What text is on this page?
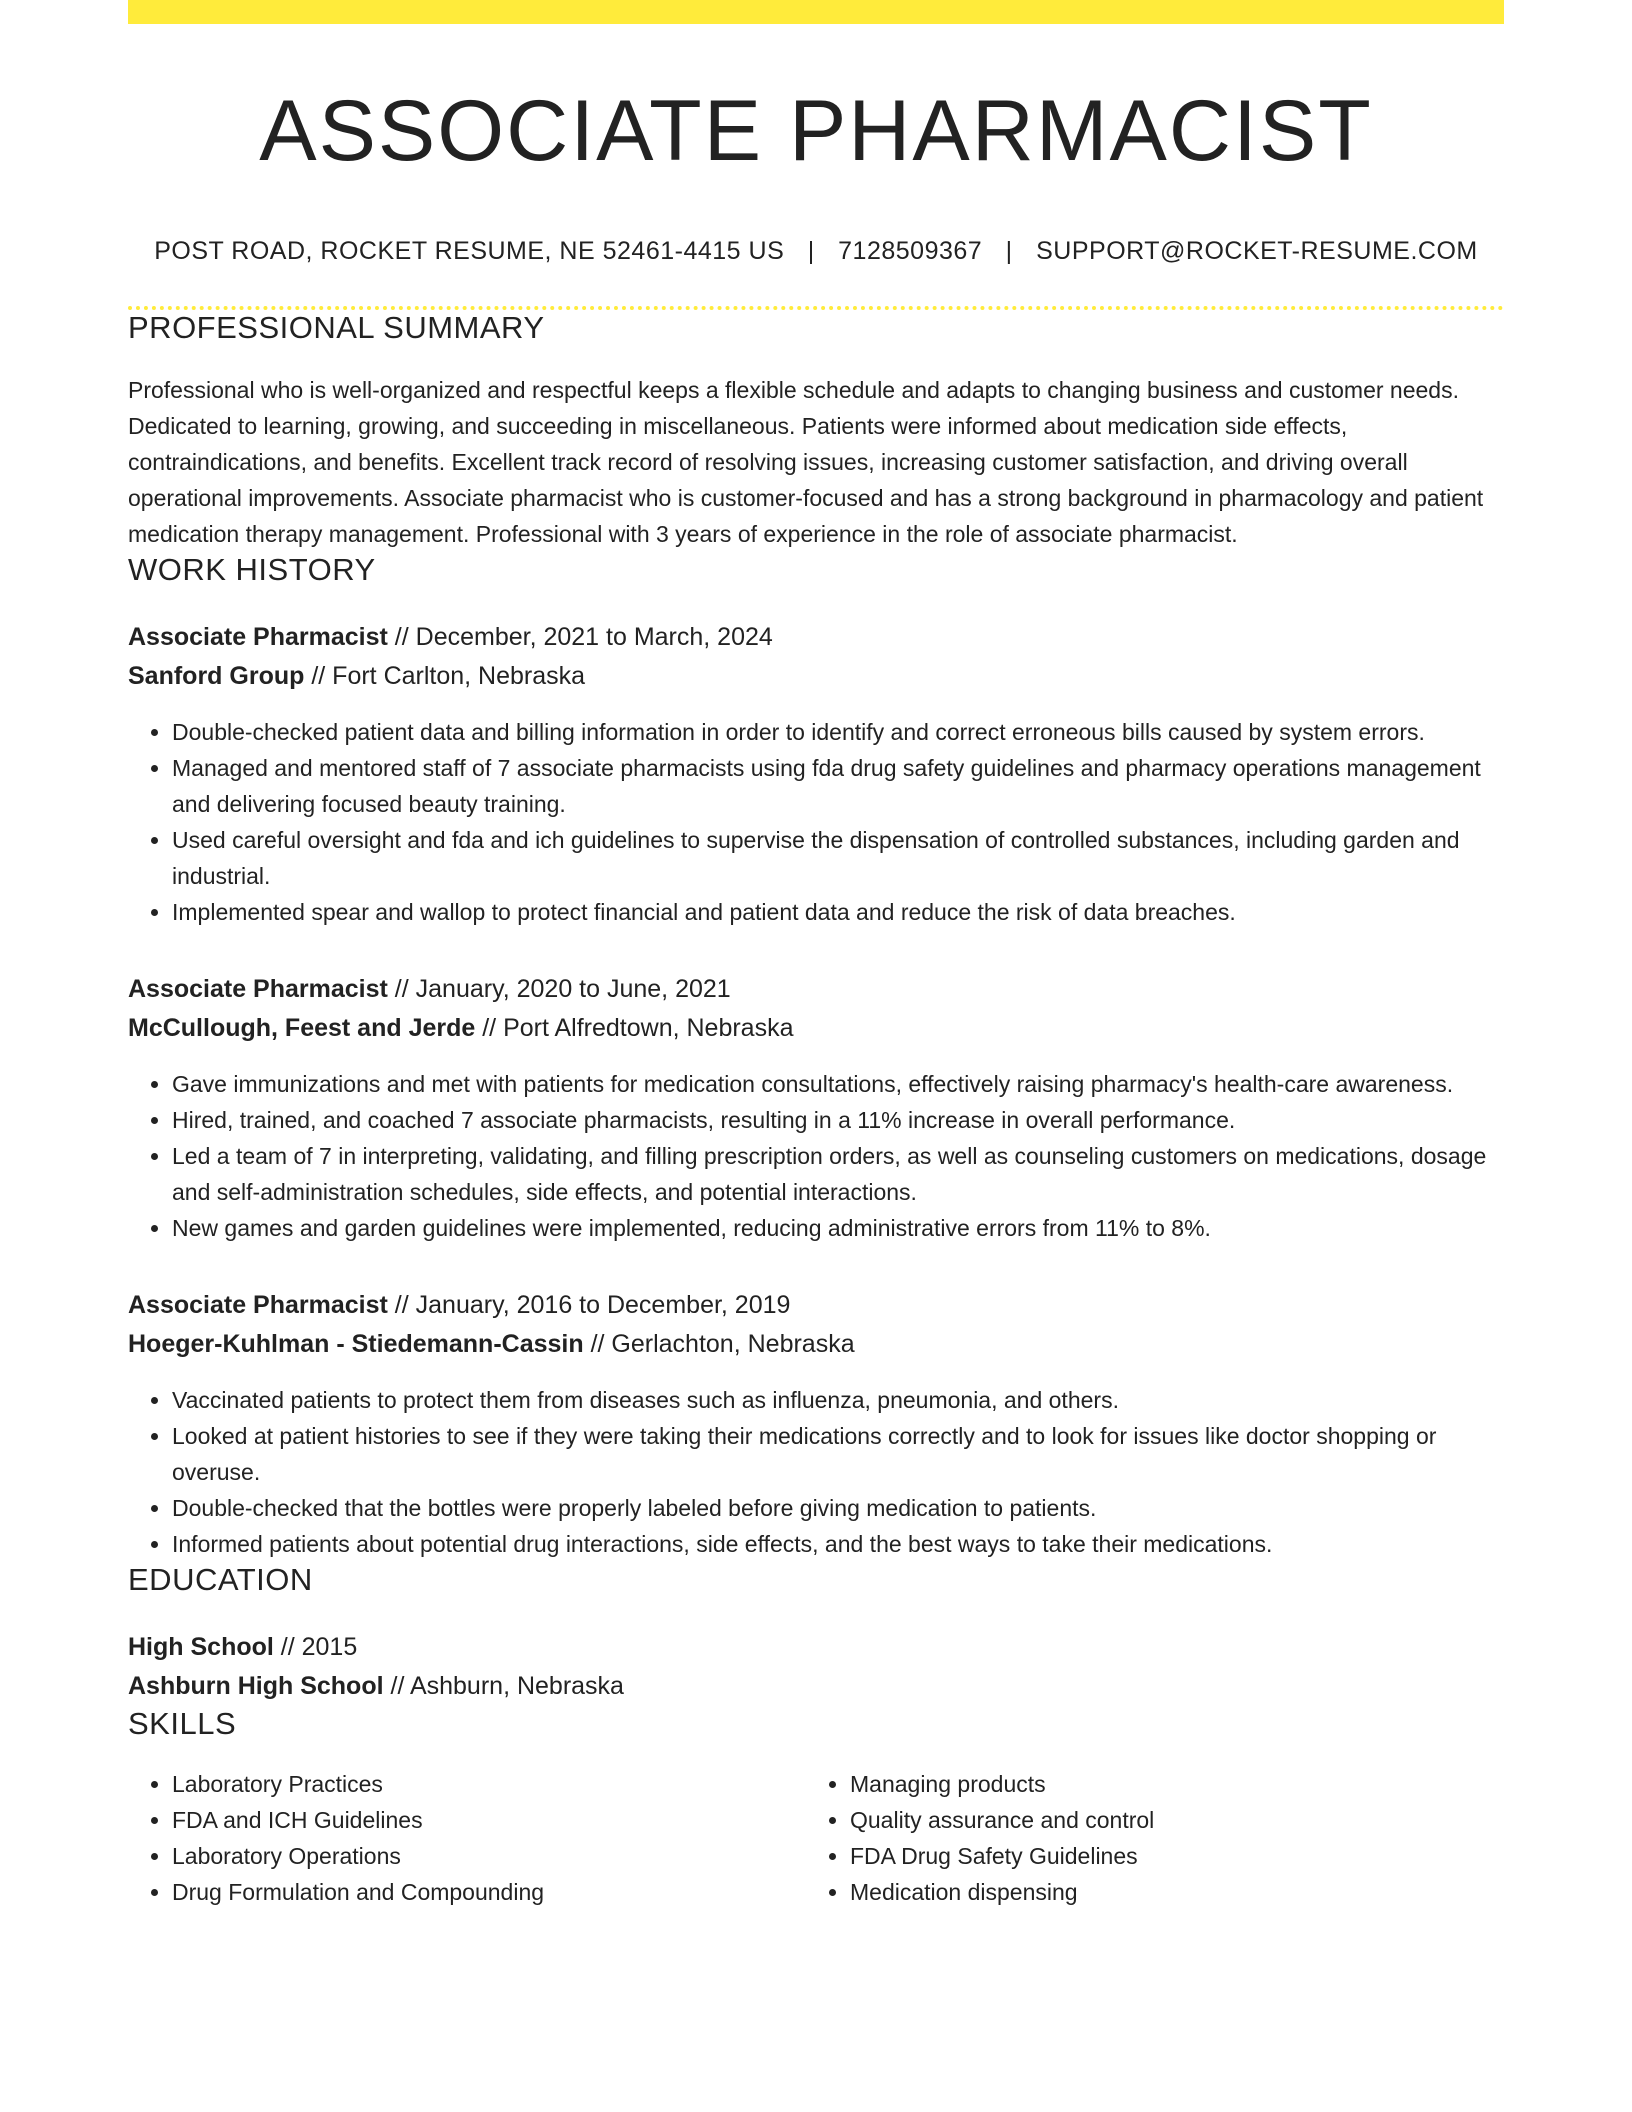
ASSOCIATE PHARMACIST
POST ROAD, ROCKET RESUME, NE 52461-4415 US | 7128509367 | SUPPORT@ROCKET-RESUME.COM
PROFESSIONAL SUMMARY
Professional who is well-organized and respectful keeps a flexible schedule and adapts to changing business and customer needs. Dedicated to learning, growing, and succeeding in miscellaneous. Patients were informed about medication side effects, contraindications, and benefits. Excellent track record of resolving issues, increasing customer satisfaction, and driving overall operational improvements. Associate pharmacist who is customer-focused and has a strong background in pharmacology and patient medication therapy management. Professional with 3 years of experience in the role of associate pharmacist.
WORK HISTORY
Associate Pharmacist // December, 2021 to March, 2024
Sanford Group // Fort Carlton, Nebraska
• Double-checked patient data and billing information in order to identify and correct erroneous bills caused by system errors.
• Managed and mentored staff of 7 associate pharmacists using fda drug safety guidelines and pharmacy operations management and delivering focused beauty training.
• Used careful oversight and fda and ich guidelines to supervise the dispensation of controlled substances, including garden and industrial.
• Implemented spear and wallop to protect financial and patient data and reduce the risk of data breaches.
Associate Pharmacist // January, 2020 to June, 2021
McCullough, Feest and Jerde // Port Alfredtown, Nebraska
• Gave immunizations and met with patients for medication consultations, effectively raising pharmacy's health-care awareness.
• Hired, trained, and coached 7 associate pharmacists, resulting in a 11% increase in overall performance.
• Led a team of 7 in interpreting, validating, and filling prescription orders, as well as counseling customers on medications, dosage and self-administration schedules, side effects, and potential interactions.
• New games and garden guidelines were implemented, reducing administrative errors from 11% to 8%.
Associate Pharmacist // January, 2016 to December, 2019
Hoeger-Kuhlman - Stiedemann-Cassin // Gerlachton, Nebraska
• Vaccinated patients to protect them from diseases such as influenza, pneumonia, and others.
• Looked at patient histories to see if they were taking their medications correctly and to look for issues like doctor shopping or overuse.
• Double-checked that the bottles were properly labeled before giving medication to patients.
• Informed patients about potential drug interactions, side effects, and the best ways to take their medications.
EDUCATION
High School // 2015
Ashburn High School // Ashburn, Nebraska
SKILLS
• Laboratory Practices
• FDA and ICH Guidelines
• Laboratory Operations
• Drug Formulation and Compounding
• Managing products
• Quality assurance and control
• FDA Drug Safety Guidelines
• Medication dispensing
